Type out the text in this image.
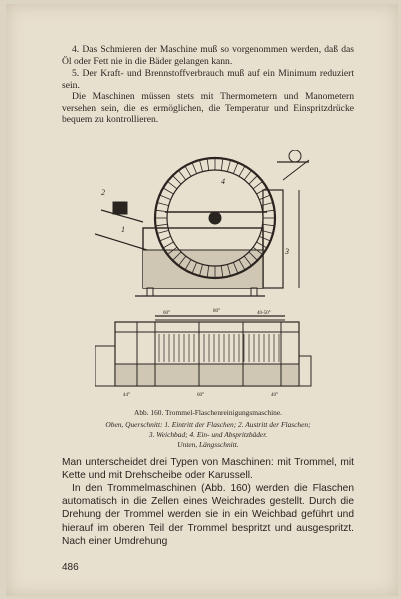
4. Das Schmieren der Maschine muß so vorgenommen werden, daß das Öl oder Fett nie in die Bäder gelangen kann.

5. Der Kraft- und Brennstoffverbrauch muß auf ein Minimum reduziert sein.

Die Maschinen müssen stets mit Thermometern und Manometern versehen sein, die es ermöglichen, die Temperatur und Einspritzdrücke bequem zu kontrollieren.

2
1
3
4
60°	80°	40-50°
44°	60°	40°

Abb. 160. Trommel-Flaschenreinigungsmaschine.

Oben, Querschnitt: 1. Eintritt der Flaschen; 2. Austritt der Flaschen;

3. Weichbad; 4. Ein- und Abspritzbäder.

Unten, Längsschnitt.

Man unterscheidet drei Typen von Maschinen: mit Trommel, mit Kette und mit Drehscheibe oder Karussell.

In den Trommelmaschinen (Abb. 160) werden die Flaschen automatisch in die Zellen eines Weichrades gestellt. Durch die Drehung der Trommel werden sie in ein Weichbad geführt und hierauf im oberen Teil der Trommel bespritzt und ausgespritzt. Nach einer Umdrehung

486
